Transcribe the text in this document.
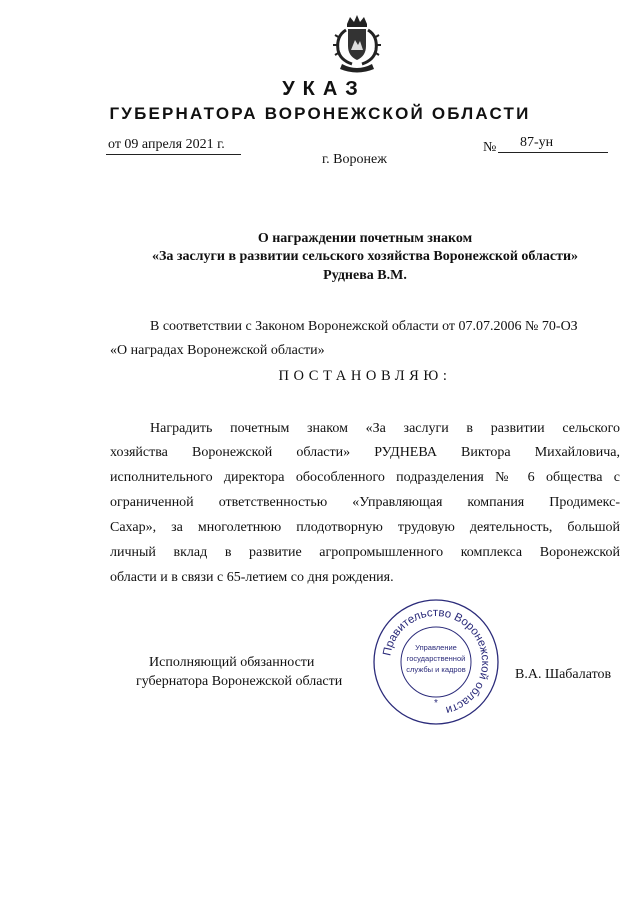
УКАЗ
ГУБЕРНАТОРА ВОРОНЕЖСКОЙ ОБЛАСТИ
от 09 апреля 2021 г.	№ 87-ун
г. Воронеж
О награждении почетным знаком
«За заслуги в развитии сельского хозяйства Воронежской области»
Руднева В.М.
В соответствии с Законом Воронежской области от 07.07.2006 № 70-ОЗ
«О наградах Воронежской области»
ПОСТАНОВЛЯЮ:
Наградить почетным знаком «За заслуги в развитии сельского
хозяйства Воронежской области» РУДНЕВА Виктора Михайловича,
исполнительного директора обособленного подразделения № 6 общества с
ограниченной ответственностью «Управляющая компания Продимекс-
Сахар», за многолетнюю плодотворную трудовую деятельность, большой
личный вклад в развитие агропромышленного комплекса Воронежской
области и в связи с 65-летием со дня рождения.
Исполняющий обязанности
губернатора Воронежской области	В.А. Шабалатов
Правительство Воронежской области
Управление
государственной
службы и кадров
*
